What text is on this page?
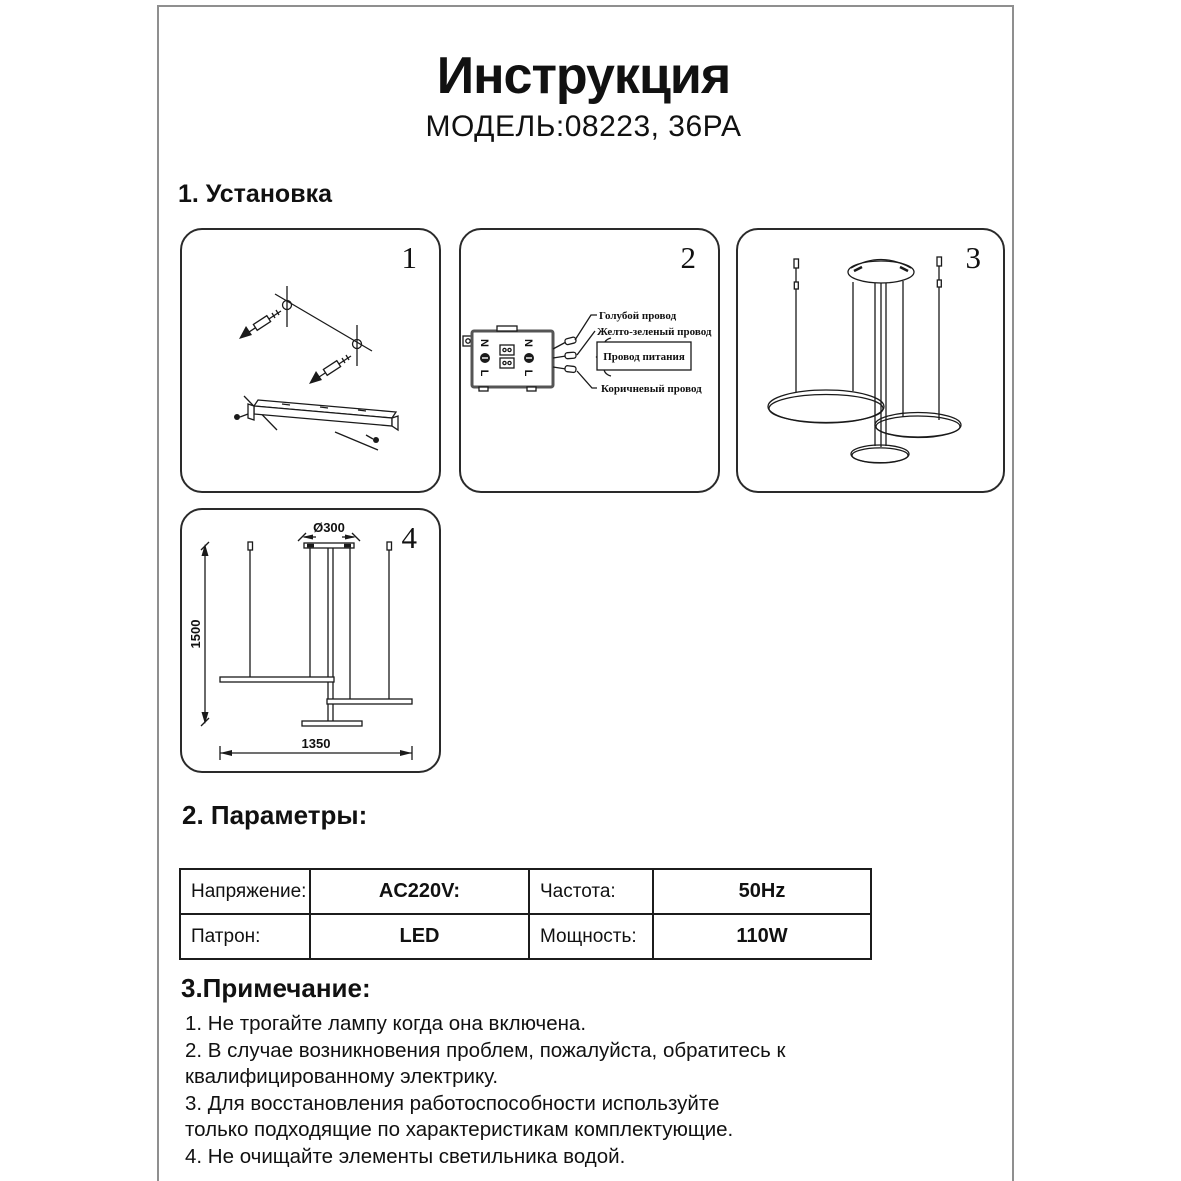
Инструкция
МОДЕЛЬ:08223, 36PA
1. Установка
1	2
N
L
N
L
Голубой провод
Желто-зеленый провод
Провод питания
Коричневый провод
3
4
Ø300
1500
1350
2. Параметры:
Напряжение:	AC220V:	Частота:	50Hz
Патрон:	LED	Мощность:	110W
3.Примечание:
1. Не трогайте лампу когда она включена.
2. В случае возникновения проблем, пожалуйста, обратитесь к
квалифицированному электрику.
3. Для восстановления работоспособности используйте
только подходящие по характеристикам комплектующие.
4. Не очищайте элементы светильника водой.
